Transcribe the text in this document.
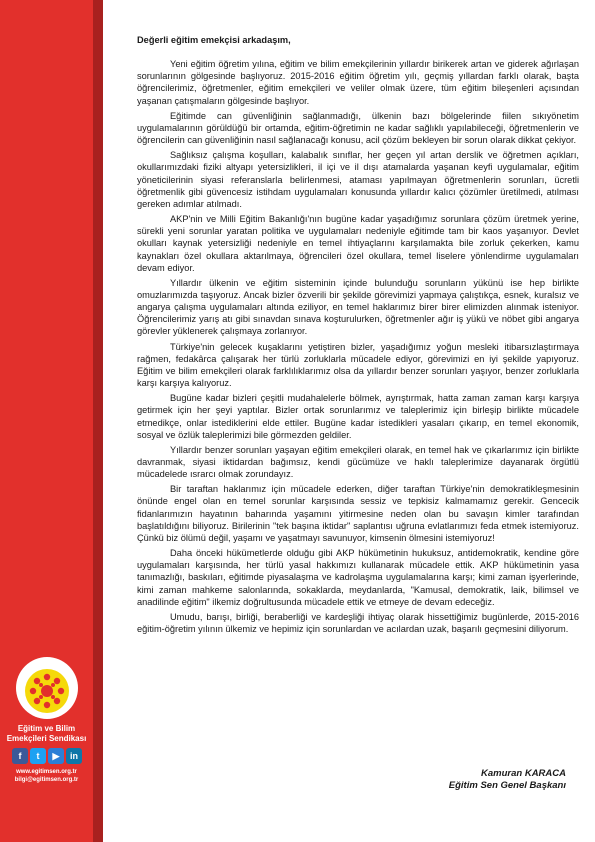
Eğitim ve Bilim
Emekçileri Sendikası
f	t	▶	in
www.egitimsen.org.tr
bilgi@egitimsen.org.tr

Değerli eğitim emekçisi arkadaşım,

Yeni eğitim öğretim yılına, eğitim ve bilim emekçilerinin yıllardır birikerek artan ve giderek ağırlaşan sorunlarının gölgesinde başlıyoruz. 2015-2016 eğitim öğretim yılı, geçmiş yıllardan farklı olarak, başta öğrencilerimiz, öğretmenler, eğitim emekçileri ve veliler olmak üzere, tüm eğitim bileşenleri açısından yaşanan çatışmaların gölgesinde başlıyor.

Eğitimde can güvenliğinin sağlanmadığı, ülkenin bazı bölgelerinde fiilen sıkıyönetim uygulamalarının görüldüğü bir ortamda, eğitim-öğretimin ne kadar sağlıklı yapılabileceği, öğretmenlerin ve öğrencilerin can güvenliğinin nasıl sağlanacağı konusu, acil çözüm bekleyen bir sorun olarak dikkat çekiyor.

Sağlıksız çalışma koşulları, kalabalık sınıflar, her geçen yıl artan derslik ve öğretmen açıkları, okullarımızdaki fiziki altyapı yetersizlikleri, il içi ve il dışı atamalarda yaşanan keyfi uygulamalar, eğitim yöneticilerinin siyasi referanslarla belirlenmesi, ataması yapılmayan öğretmenlerin sorunları, ücretli öğretmenlik gibi güvencesiz istihdam uygulamaları konusunda yıllardır kalıcı çözümler üretilmedi, atılması gereken adımlar atılmadı.

AKP'nin ve Milli Eğitim Bakanlığı'nın bugüne kadar yaşadığımız sorunlara çözüm üretmek yerine, sürekli yeni sorunlar yaratan politika ve uygulamaları nedeniyle eğitimde tam bir kaos yaşanıyor. Devlet okulları kaynak yetersizliği nedeniyle en temel ihtiyaçlarını karşılamakta bile zorluk çekerken, kamu kaynakları özel okullara aktarılmaya, öğrencileri özel okullara, temel liselere yönlendirme uygulamaları devam ediyor.

Yıllardır ülkenin ve eğitim sisteminin içinde bulunduğu sorunların yükünü ise hep birlikte omuzlarımızda taşıyoruz. Ancak bizler özverili bir şekilde görevimizi yapmaya çalıştıkça, esnek, kuralsız ve angarya çalışma uygulamaları altında eziliyor, en temel haklarımız birer birer elimizden alınmak isteniyor. Öğrencilerimiz yarış atı gibi sınavdan sınava koşturulurken, öğretmenler ağır iş yükü ve nöbet gibi angarya görevler yüklenerek çalışmaya zorlanıyor.

Türkiye'nin gelecek kuşaklarını yetiştiren bizler, yaşadığımız yoğun mesleki itibarsızlaştırmaya rağmen, fedakârca çalışarak her türlü zorluklarla mücadele ediyor, görevimizi en iyi şekilde yapıyoruz. Eğitim ve bilim emekçileri olarak farklılıklarımız olsa da yıllardır benzer sorunları yaşıyor, benzer zorluklarla karşı karşıya kalıyoruz.

Bugüne kadar bizleri çeşitli mudahalelerle bölmek, ayrıştırmak, hatta zaman zaman karşı karşıya getirmek için her şeyi yaptılar. Bizler ortak sorunlarımız ve taleplerimiz için birleşip birlikte mücadele etmedikçe, onlar istediklerini elde ettiler. Bugüne kadar istedikleri yasaları çıkarıp, en temel ekonomik, sosyal ve özlük taleplerimizi bile görmezden geldiler.

Yıllardır benzer sorunları yaşayan eğitim emekçileri olarak, en temel hak ve çıkarlarımız için birlikte davranmak, siyasi iktidardan bağımsız, kendi gücümüze ve haklı taleplerimize dayanarak örgütlü mücadelede ısrarcı olmak zorundayız.

Bir taraftan haklarımız için mücadele ederken, diğer taraftan Türkiye'nin demokratikleşmesinin önünde engel olan en temel sorunlar karşısında sessiz ve tepkisiz kalmamamız gerekir. Gencecik fidanlarımızın hayatının baharında yaşamını yitirmesine neden olan bu savaşın kimler tarafından başlatıldığını biliyoruz. Birilerinin "tek başına iktidar" saplantısı uğruna evlatlarımızı feda etmek istemiyoruz. Çünkü biz ölümü değil, yaşamı ve yaşatmayı savunuyor, kimsenin ölmesini istemiyoruz!

Daha önceki hükümetlerde olduğu gibi AKP hükümetinin hukuksuz, antidemokratik, kendine göre uygulamaları karşısında, her türlü yasal hakkımızı kullanarak mücadele ettik. AKP hükümetinin yasa tanımazlığı, baskıları, eğitimde piyasalaşma ve kadrolaşma uygulamalarına karşı; kimi zaman işyerlerinde, kimi zaman mahkeme salonlarında, sokaklarda, meydanlarda, "Kamusal, demokratik, laik, bilimsel ve anadilinde eğitim" ilkemiz doğrultusunda mücadele ettik ve etmeye de devam edeceğiz.

Umudu, barışı, birliği, beraberliği ve kardeşliği ihtiyaç olarak hissettiğimiz bugünlerde, 2015-2016 eğitim-öğretim yılının ülkemiz ve hepimiz için sorunlardan ve acılardan uzak, başarılı geçmesini diliyorum.

Kamuran KARACA
Eğitim Sen Genel Başkanı
